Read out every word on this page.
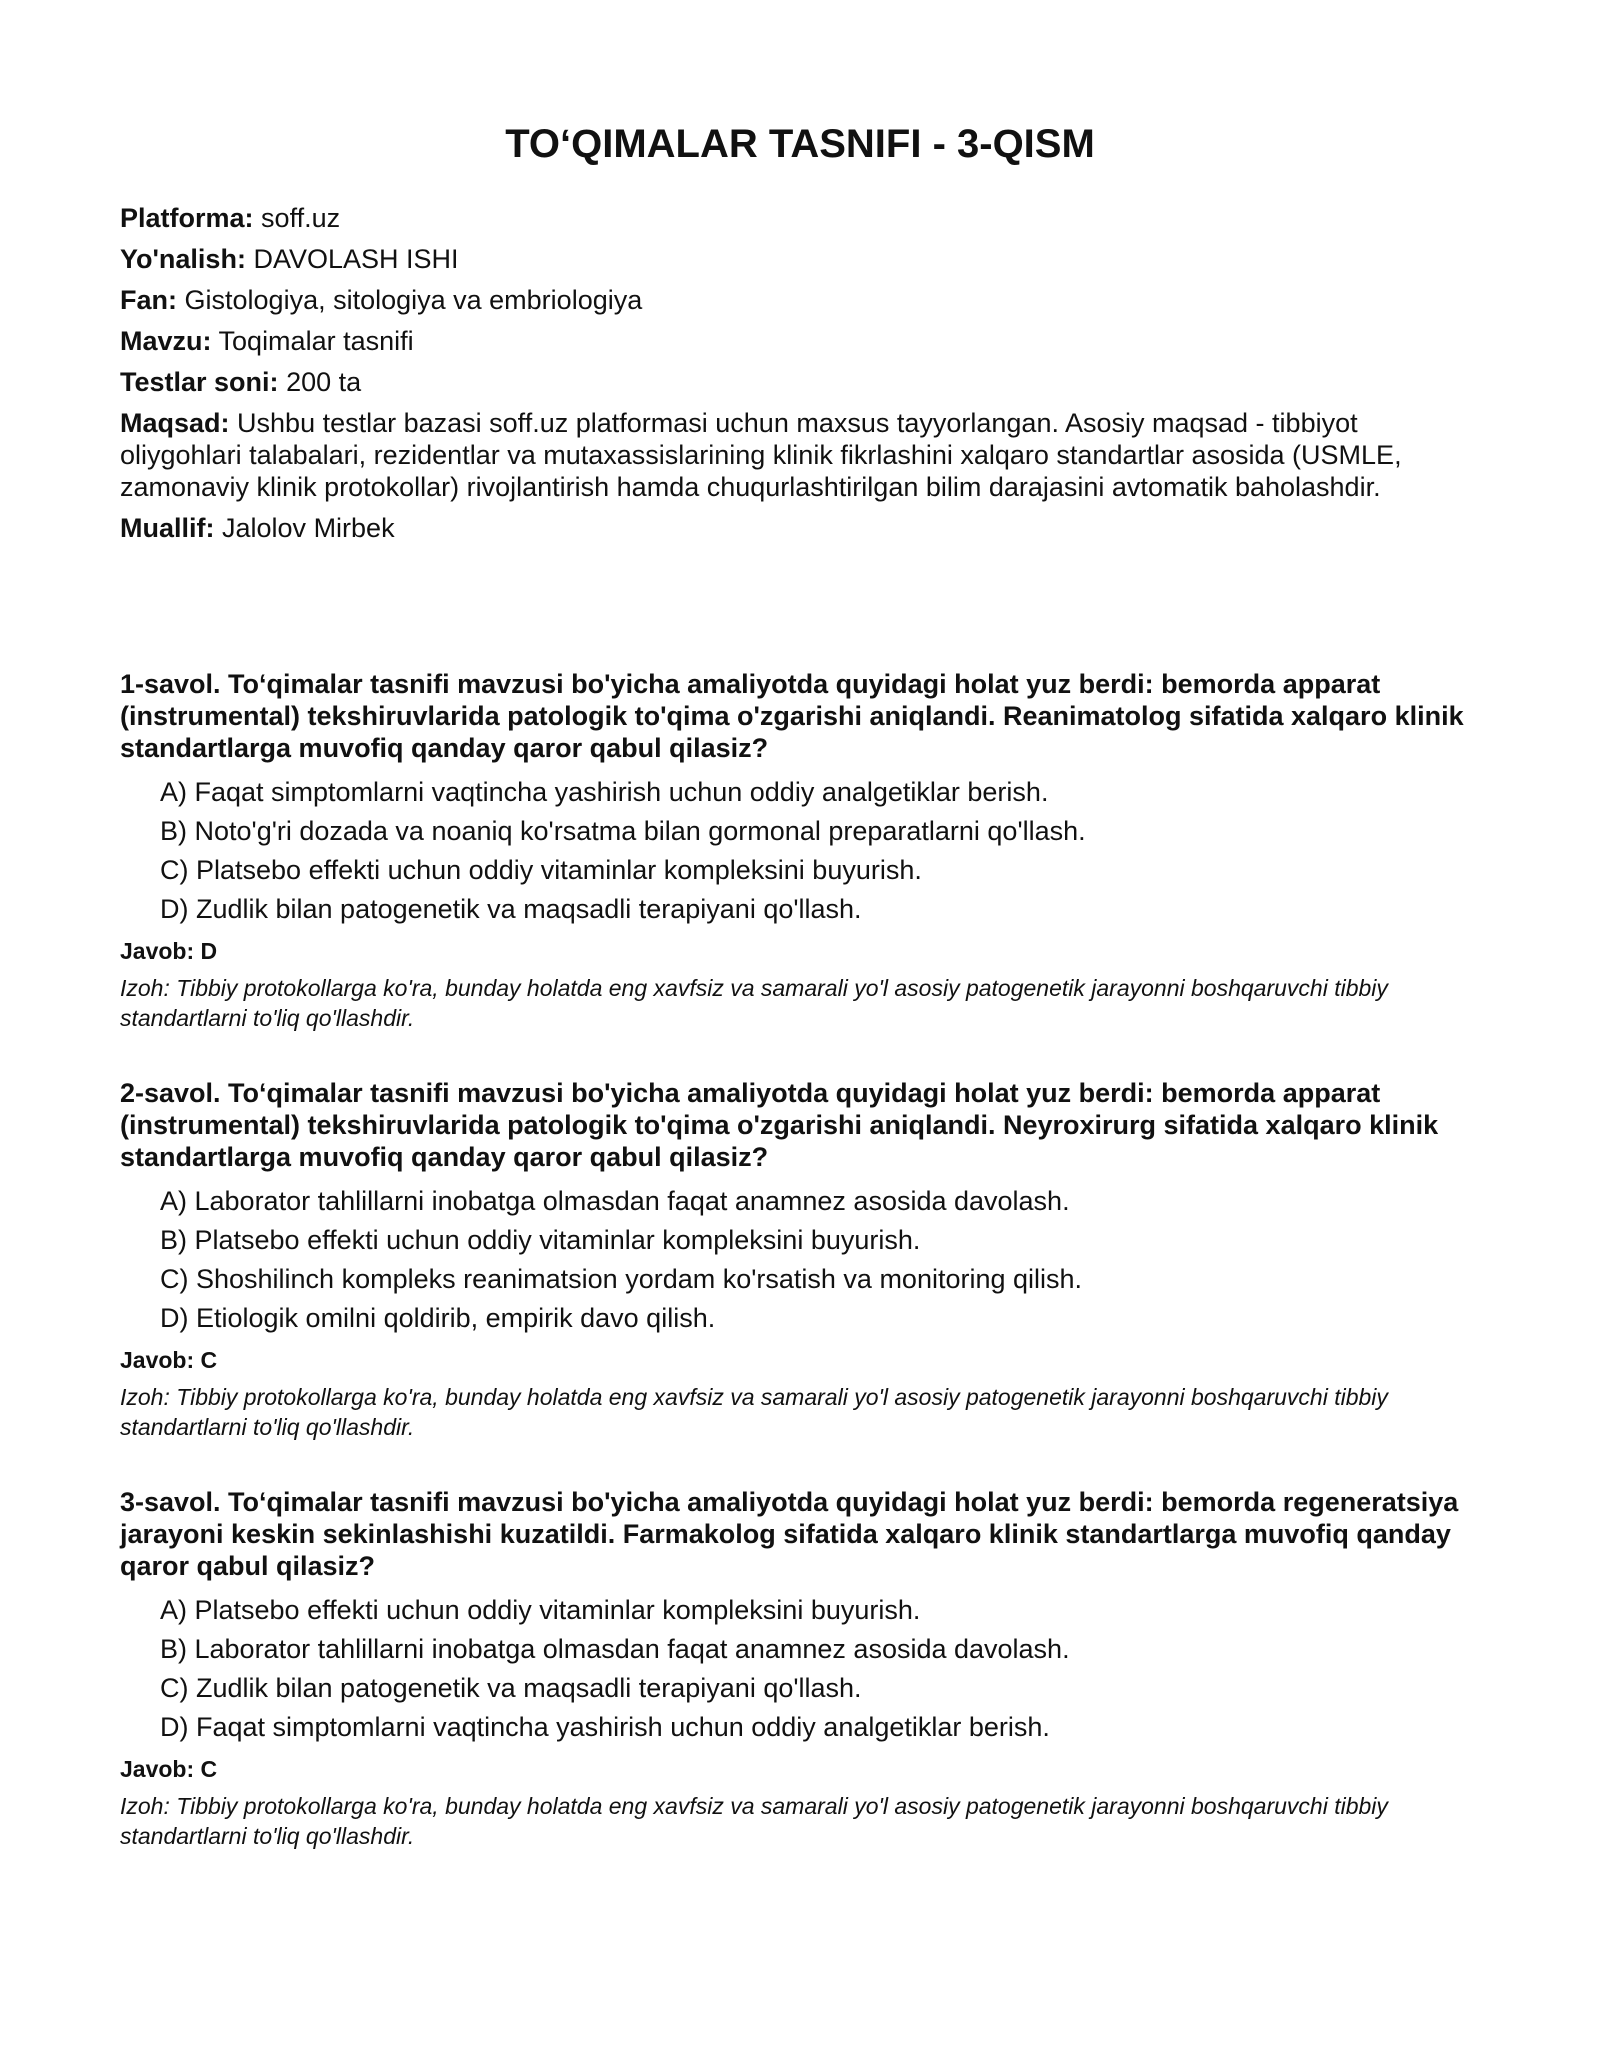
TO‘QIMALAR TASNIFI - 3-QISM

Platforma: soff.uz

Yo'nalish: DAVOLASH ISHI

Fan: Gistologiya, sitologiya va embriologiya

Mavzu: Toqimalar tasnifi

Testlar soni: 200 ta

Maqsad: Ushbu testlar bazasi soff.uz platformasi uchun maxsus tayyorlangan. Asosiy maqsad - tibbiyot oliygohlari talabalari, rezidentlar va mutaxassislarining klinik fikrlashini xalqaro standartlar asosida (USMLE, zamonaviy klinik protokollar) rivojlantirish hamda chuqurlashtirilgan bilim darajasini avtomatik baholashdir.

Muallif: Jalolov Mirbek

1-savol. To‘qimalar tasnifi mavzusi bo'yicha amaliyotda quyidagi holat yuz berdi: bemorda apparat (instrumental) tekshiruvlarida patologik to'qima o'zgarishi aniqlandi. Reanimatolog sifatida xalqaro klinik standartlarga muvofiq qanday qaror qabul qilasiz?

A) Faqat simptomlarni vaqtincha yashirish uchun oddiy analgetiklar berish.

B) Noto'g'ri dozada va noaniq ko'rsatma bilan gormonal preparatlarni qo'llash.

C) Platsebo effekti uchun oddiy vitaminlar kompleksini buyurish.

D) Zudlik bilan patogenetik va maqsadli terapiyani qo'llash.

Javob: D

Izoh: Tibbiy protokollarga ko'ra, bunday holatda eng xavfsiz va samarali yo'l asosiy patogenetik jarayonni boshqaruvchi tibbiy standartlarni to'liq qo'llashdir.

2-savol. To‘qimalar tasnifi mavzusi bo'yicha amaliyotda quyidagi holat yuz berdi: bemorda apparat (instrumental) tekshiruvlarida patologik to'qima o'zgarishi aniqlandi. Neyroxirurg sifatida xalqaro klinik standartlarga muvofiq qanday qaror qabul qilasiz?

A) Laborator tahlillarni inobatga olmasdan faqat anamnez asosida davolash.

B) Platsebo effekti uchun oddiy vitaminlar kompleksini buyurish.

C) Shoshilinch kompleks reanimatsion yordam ko'rsatish va monitoring qilish.

D) Etiologik omilni qoldirib, empirik davo qilish.

Javob: C

Izoh: Tibbiy protokollarga ko'ra, bunday holatda eng xavfsiz va samarali yo'l asosiy patogenetik jarayonni boshqaruvchi tibbiy standartlarni to'liq qo'llashdir.

3-savol. To‘qimalar tasnifi mavzusi bo'yicha amaliyotda quyidagi holat yuz berdi: bemorda regeneratsiya jarayoni keskin sekinlashishi kuzatildi. Farmakolog sifatida xalqaro klinik standartlarga muvofiq qanday qaror qabul qilasiz?

A) Platsebo effekti uchun oddiy vitaminlar kompleksini buyurish.

B) Laborator tahlillarni inobatga olmasdan faqat anamnez asosida davolash.

C) Zudlik bilan patogenetik va maqsadli terapiyani qo'llash.

D) Faqat simptomlarni vaqtincha yashirish uchun oddiy analgetiklar berish.

Javob: C

Izoh: Tibbiy protokollarga ko'ra, bunday holatda eng xavfsiz va samarali yo'l asosiy patogenetik jarayonni boshqaruvchi tibbiy standartlarni to'liq qo'llashdir.
